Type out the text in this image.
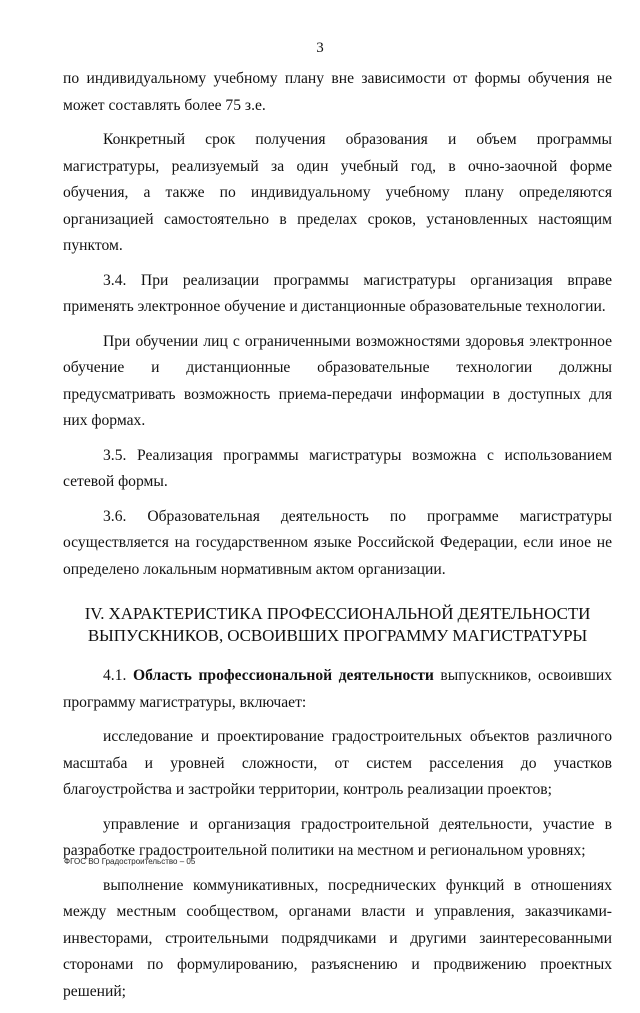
3

по индивидуальному учебному плану вне зависимости от формы обучения не может составлять более 75 з.е.

Конкретный срок получения образования и объем программы магистратуры, реализуемый за один учебный год, в очно-заочной форме обучения, а также по индивидуальному учебному плану определяются организацией самостоятельно в пределах сроков, установленных настоящим пунктом.

3.4. При реализации программы магистратуры организация вправе применять электронное обучение и дистанционные образовательные технологии.

При обучении лиц с ограниченными возможностями здоровья электронное обучение и дистанционные образовательные технологии должны предусматривать возможность приема-передачи информации в доступных для них формах.

3.5. Реализация программы магистратуры возможна с использованием сетевой формы.

3.6. Образовательная деятельность по программе магистратуры осуществляется на государственном языке Российской Федерации, если иное не определено локальным нормативным актом организации.

IV. ХАРАКТЕРИСТИКА ПРОФЕССИОНАЛЬНОЙ ДЕЯТЕЛЬНОСТИ
ВЫПУСКНИКОВ, ОСВОИВШИХ ПРОГРАММУ МАГИСТРАТУРЫ

4.1. Область профессиональной деятельности выпускников, освоивших программу магистратуры, включает:

исследование и проектирование градостроительных объектов различного масштаба и уровней сложности, от систем расселения до участков благоустройства и застройки территории, контроль реализации проектов;

управление и организация градостроительной деятельности, участие в разработке градостроительной политики на местном и региональном уровнях;

выполнение коммуникативных, посреднических функций в отношениях между местным сообществом, органами власти и управления, заказчиками-инвесторами, строительными подрядчиками и другими заинтересованными сторонами по формулированию, разъяснению и продвижению проектных решений;

ФГОС ВО Градостроительство – 05
